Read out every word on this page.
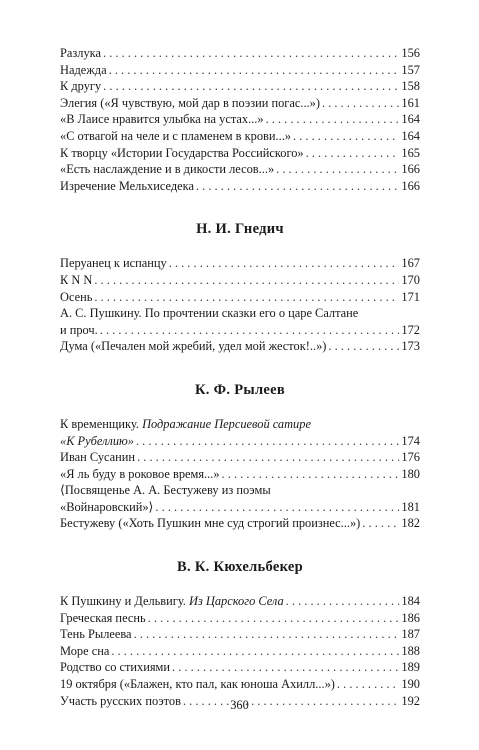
Разлука . . .	156
Надежда . . .	157
К другу . . .	158
Элегия («Я чувствую, мой дар в поэзии погас...») . . .	161
«В Лаисе нравится улыбка на устах...» . . .	164
«С отвагой на челе и с пламенем в крови...» . . .	164
К творцу «Истории Государства Российского» . . .	165
«Есть наслаждение и в дикости лесов...» . . .	166
Изречение Мельхиседека . . .	166
Н. И. Гнедич
Перуанец к испанцу . . .	167
К N N . . .	170
Осень . . .	171
А. С. Пушкину. По прочтении сказки его о царе Салтане
и проч. . . .	172
Дума («Печален мой жребий, удел мой жесток!..») . . .	173
К. Ф. Рылеев
К временщику. Подражание Персиевой сатире
«К Рубеллию» . . .	174
Иван Сусанин . . .	176
«Я ль буду в роковое время...» . . .	180
⟨Посвященье А. А. Бестужеву из поэмы
«Войнаровский»⟩ . . .	181
Бестужеву («Хоть Пушкин мне суд строгий произнес...») . . .	182
В. К. Кюхельбекер
К Пушкину и Дельвигу. Из Царского Села . . .	184
Греческая песнь . . .	186
Тень Рылеева . . .	187
Море сна . . .	188
Родство со стихиями . . .	189
19 октября («Блажен, кто пал, как юноша Ахилл...») . . .	190
Участь русских поэтов . . .	192
360
